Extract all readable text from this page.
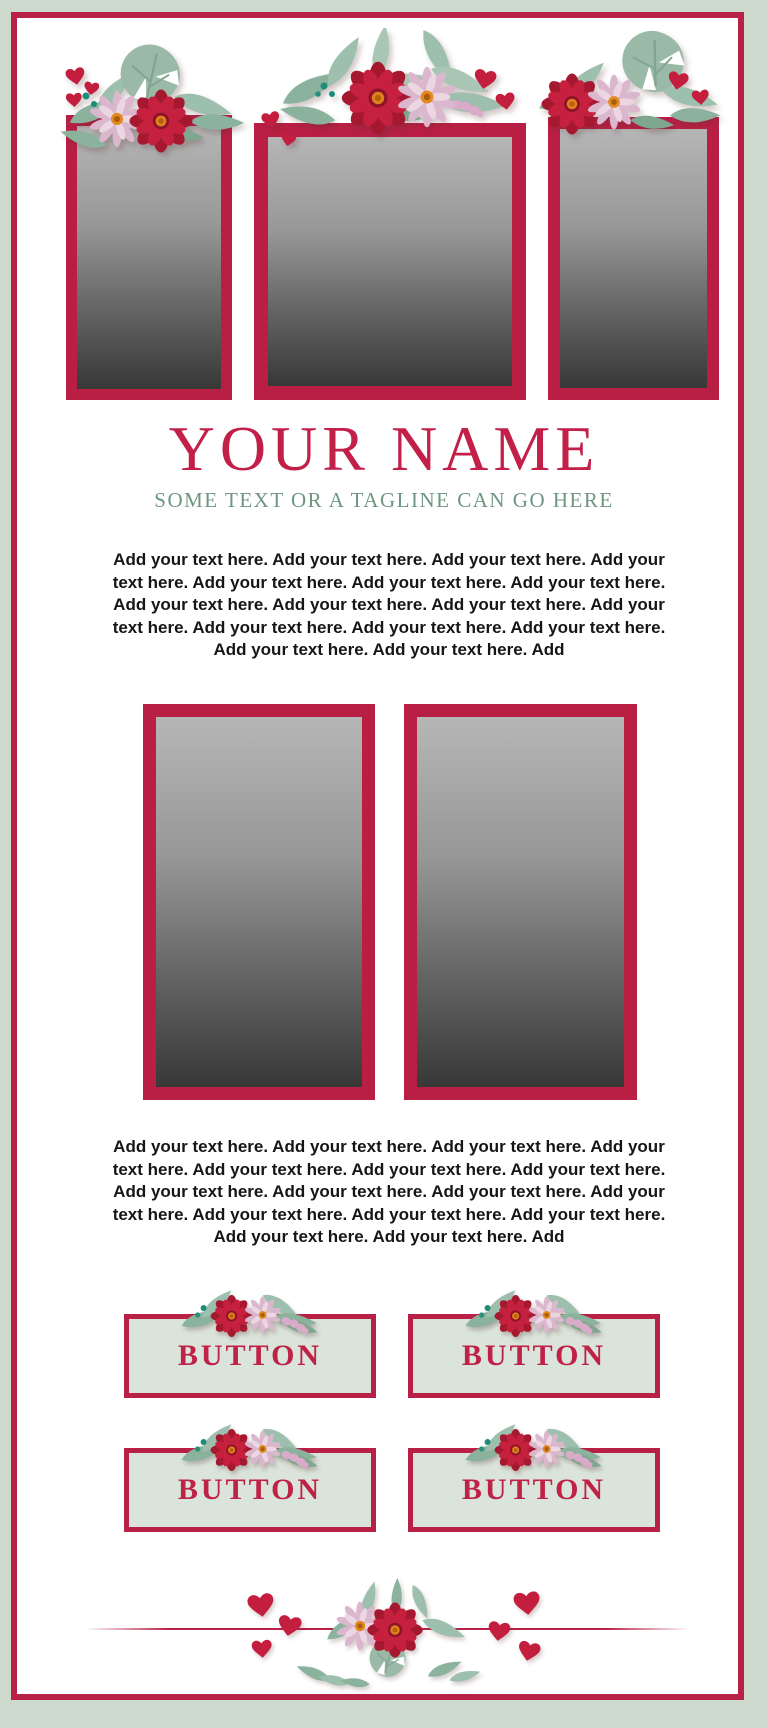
YOUR NAME
SOME TEXT OR A TAGLINE CAN GO HERE

Add your text here. Add your text here. Add your text here. Add your text here. Add your text here. Add your text here. Add your text here. Add your text here. Add your text here. Add your text here. Add your text here. Add your text here. Add your text here. Add your text here. Add your text here. Add your text here. Add

Add your text here. Add your text here. Add your text here. Add your text here. Add your text here. Add your text here. Add your text here. Add your text here. Add your text here. Add your text here. Add your text here. Add your text here. Add your text here. Add your text here. Add your text here. Add your text here. Add

BUTTON	BUTTON
BUTTON	BUTTON
